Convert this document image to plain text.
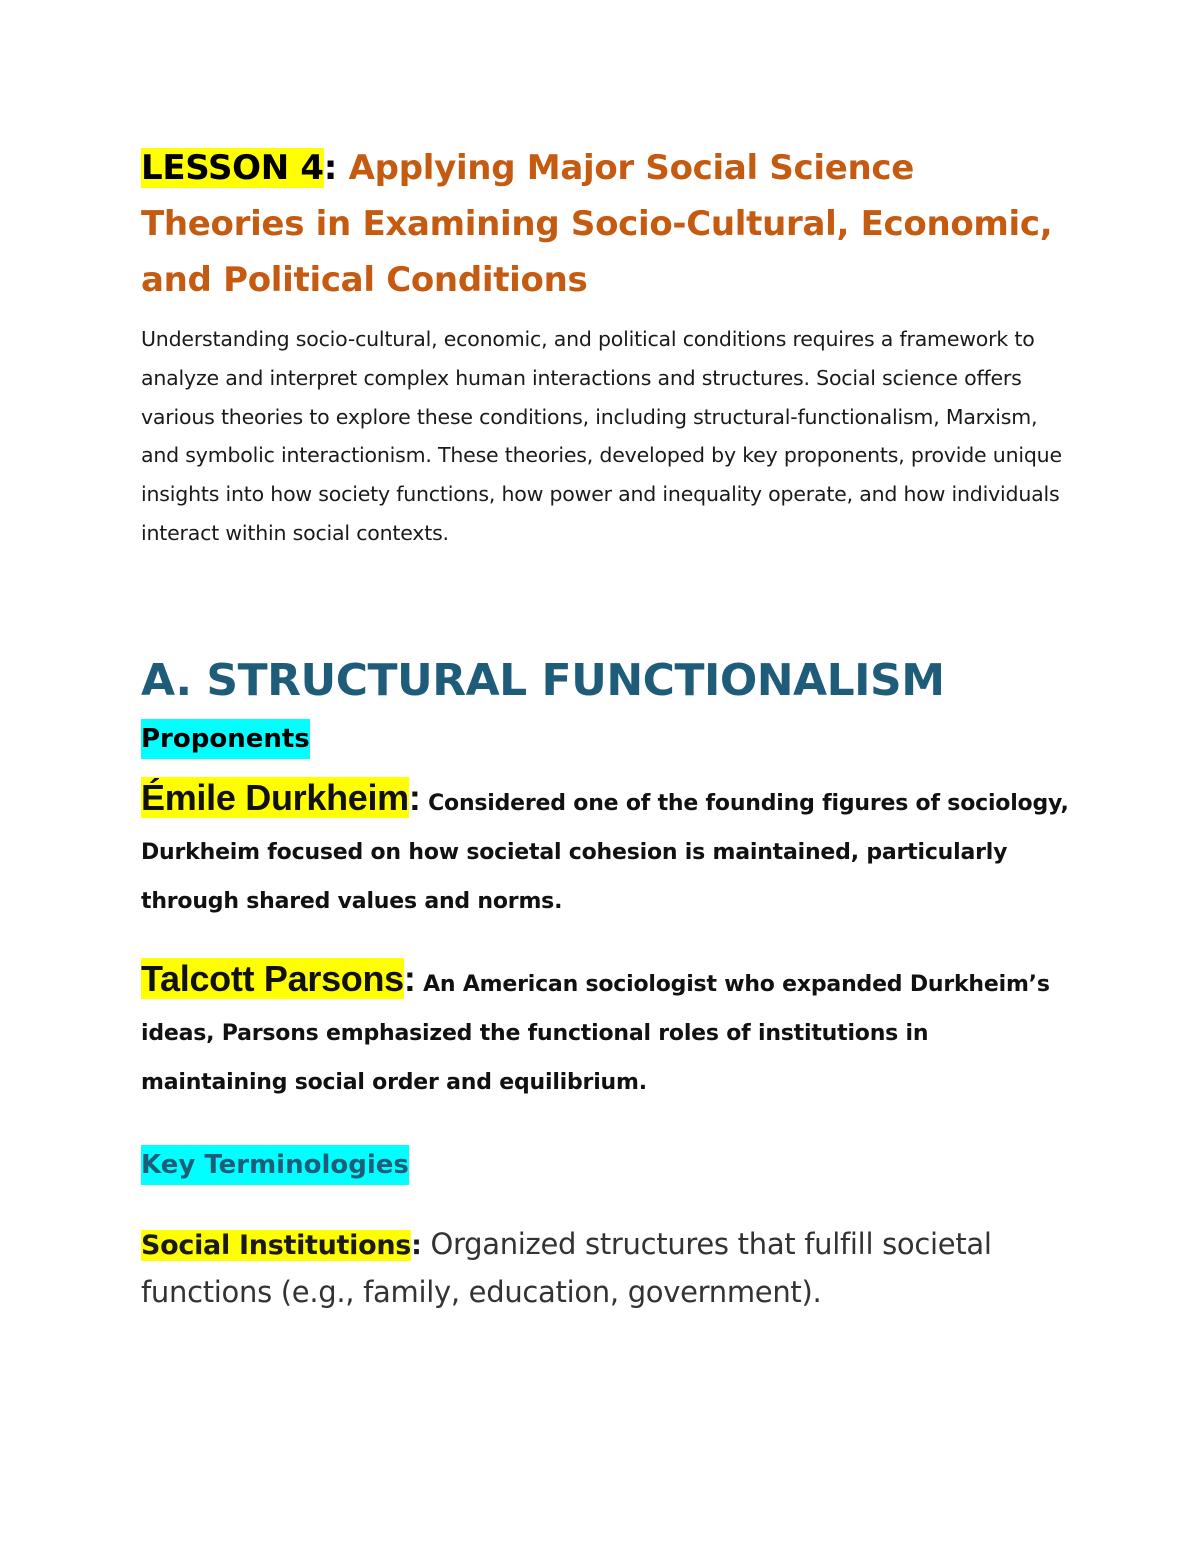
LESSON 4: Applying Major Social Science Theories in Examining Socio-Cultural, Economic, and Political Conditions

Understanding socio-cultural, economic, and political conditions requires a framework to analyze and interpret complex human interactions and structures. Social science offers various theories to explore these conditions, including structural-functionalism, Marxism, and symbolic interactionism. These theories, developed by key proponents, provide unique insights into how society functions, how power and inequality operate, and how individuals interact within social contexts.

A. STRUCTURAL FUNCTIONALISM
Proponents

Émile Durkheim: Considered one of the founding figures of sociology, Durkheim focused on how societal cohesion is maintained, particularly through shared values and norms.

Talcott Parsons: An American sociologist who expanded Durkheim’s ideas, Parsons emphasized the functional roles of institutions in maintaining social order and equilibrium.

Key Terminologies

Social Institutions: Organized structures that fulfill societal functions (e.g., family, education, government).
